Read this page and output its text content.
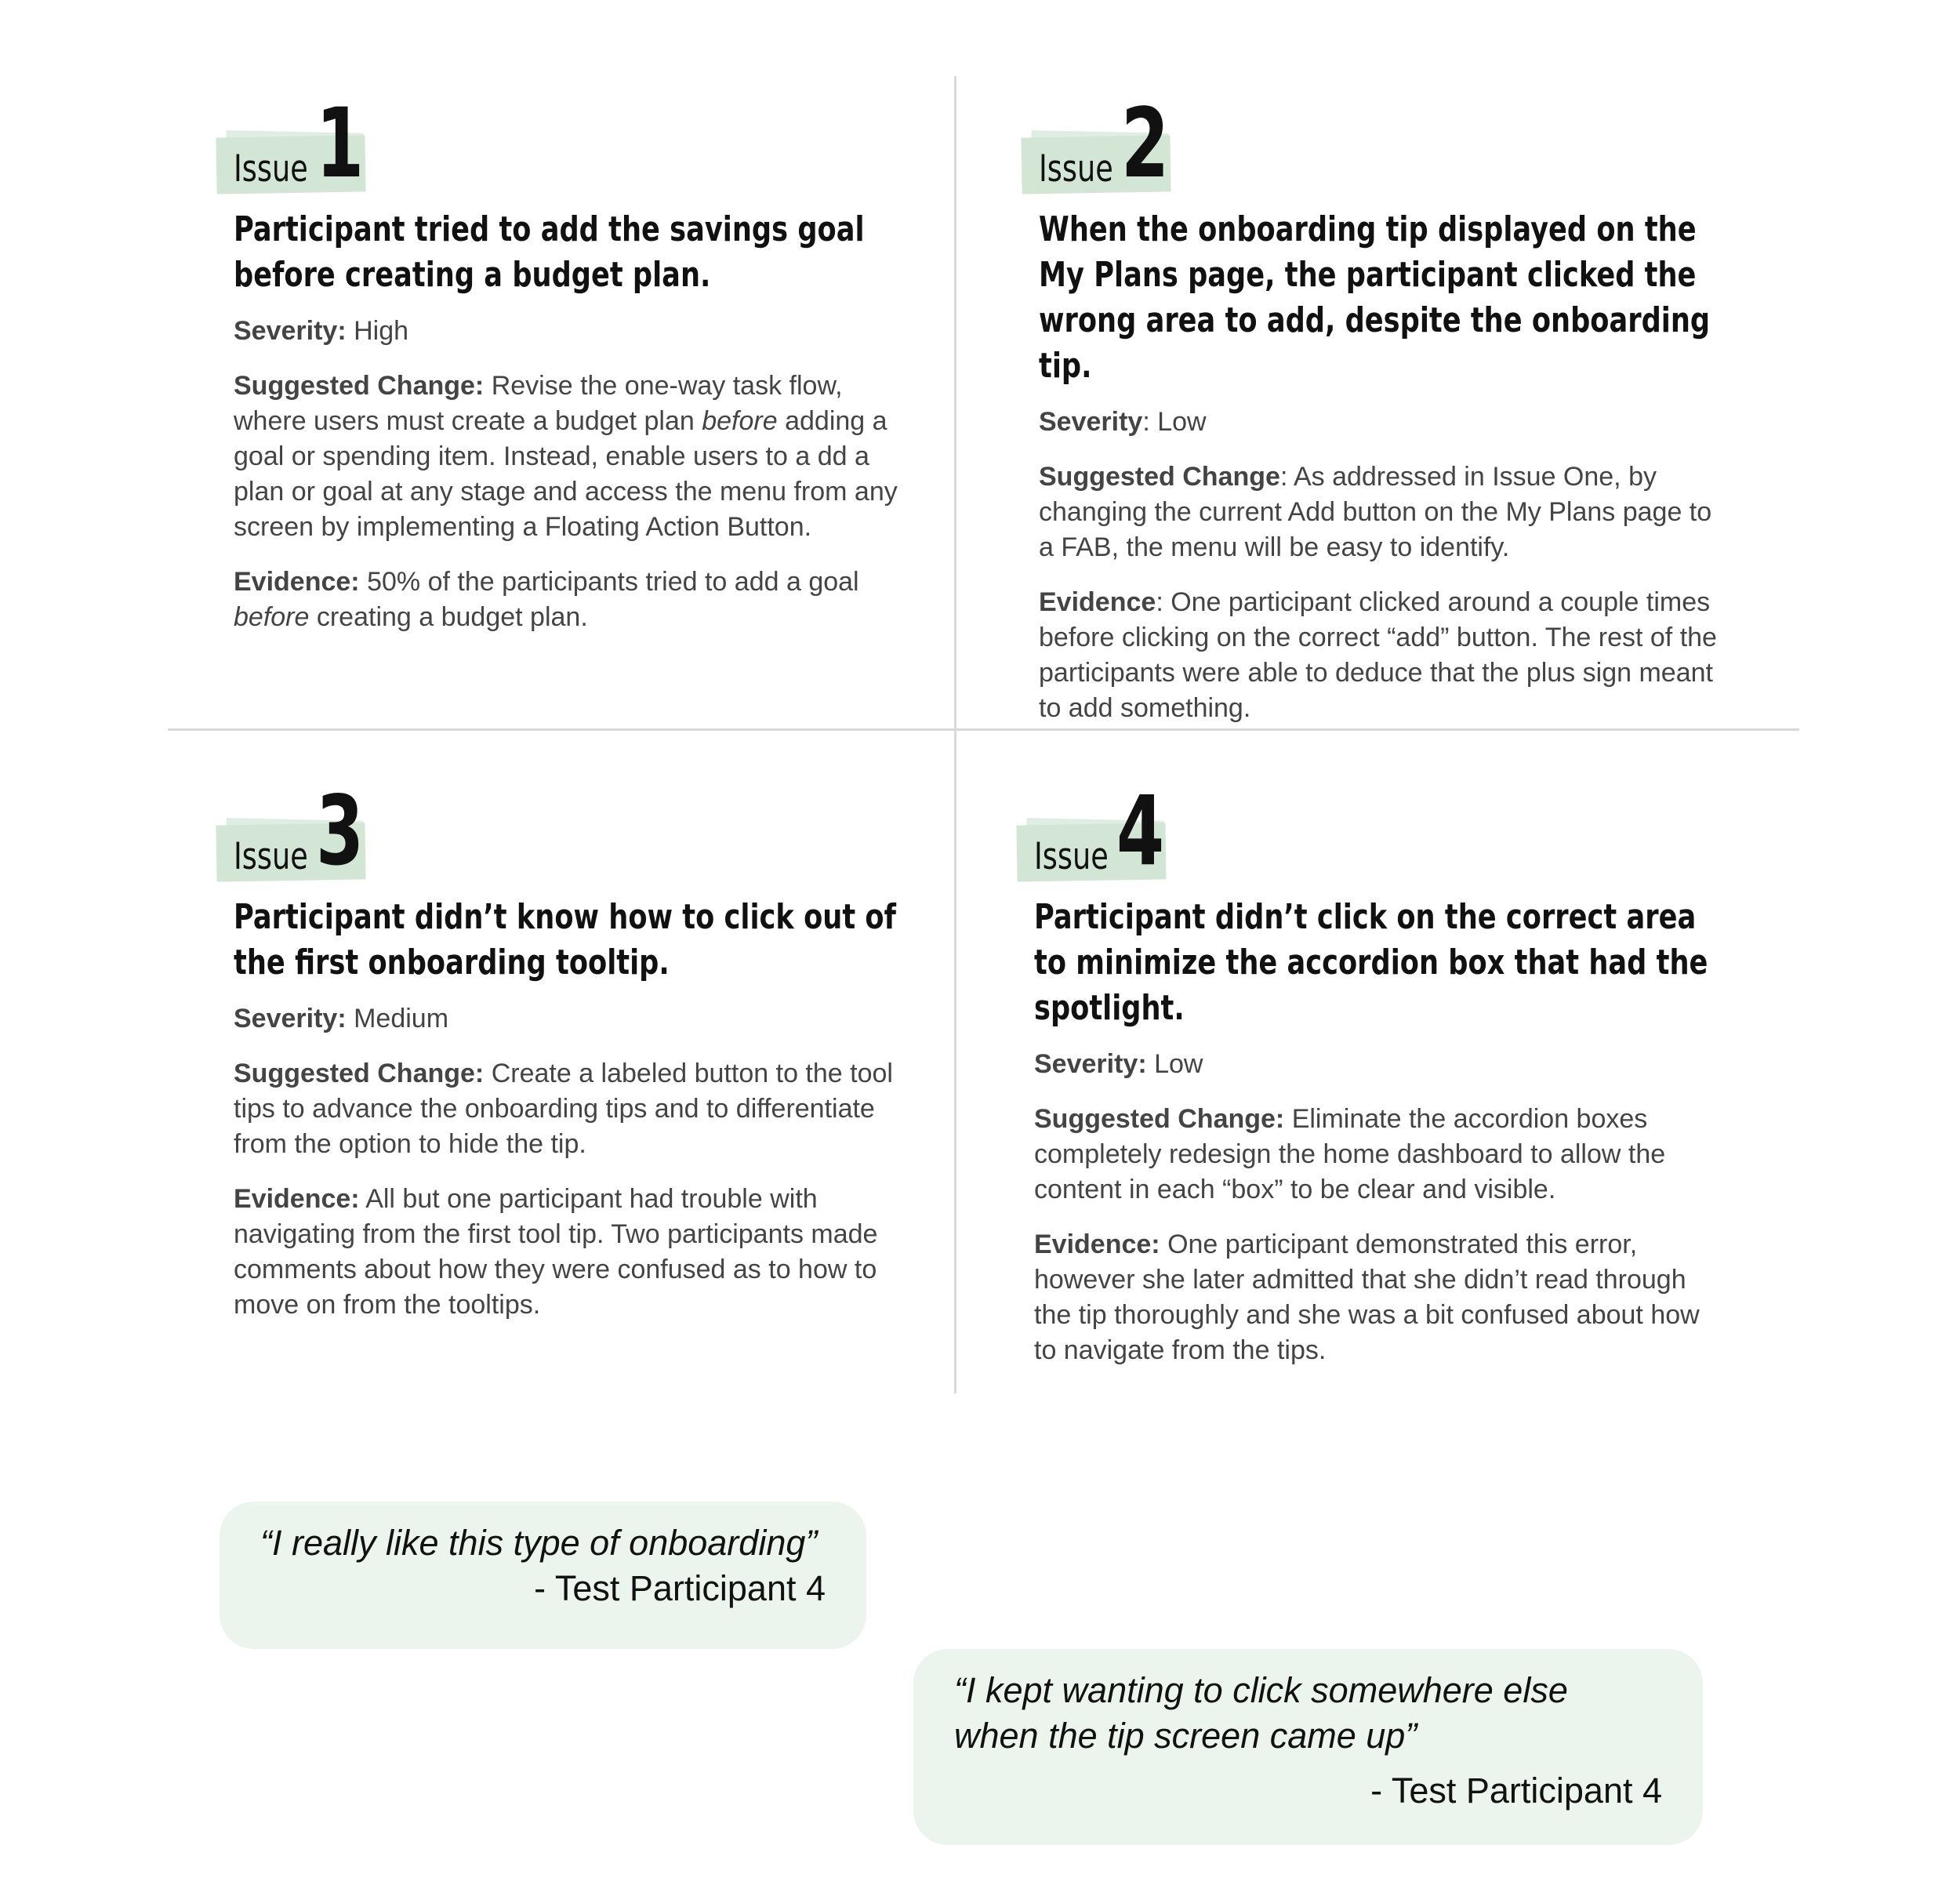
Issue 1
Participant tried to add the savings goal before creating a budget plan.

Severity: High

Suggested Change: Revise the one-way task flow, where users must create a budget plan before adding a goal or spending item. Instead, enable users to a dd a plan or goal at any stage and access the menu from any screen by implementing a Floating Action Button.

Evidence: 50% of the participants tried to add a goal before creating a budget plan.

Issue 2
When the onboarding tip displayed on the My Plans page, the participant clicked the wrong area to add, despite the onboarding tip.

Severity: Low

Suggested Change: As addressed in Issue One, by changing the current Add button on the My Plans page to a FAB, the menu will be easy to identify.

Evidence: One participant clicked around a couple times before clicking on the correct “add” button. The rest of the participants were able to deduce that the plus sign meant to add something.

Issue 3
Participant didn’t know how to click out of the first onboarding tooltip.

Severity: Medium

Suggested Change: Create a labeled button to the tool tips to advance the onboarding tips and to differentiate from the option to hide the tip.

Evidence: All but one participant had trouble with navigating from the first tool tip. Two participants made comments about how they were confused as to how to move on from the tooltips.

Issue 4
Participant didn’t click on the correct area to minimize the accordion box that had the spotlight.

Severity: Low

Suggested Change: Eliminate the accordion boxes completely redesign the home dashboard to allow the content in each “box” to be clear and visible.

Evidence: One participant demonstrated this error, however she later admitted that she didn’t read through the tip thoroughly and she was a bit confused about how to navigate from the tips.

“I really like this type of onboarding”
- Test Participant 4
“I kept wanting to click somewhere else when the tip screen came up”
- Test Participant 4
